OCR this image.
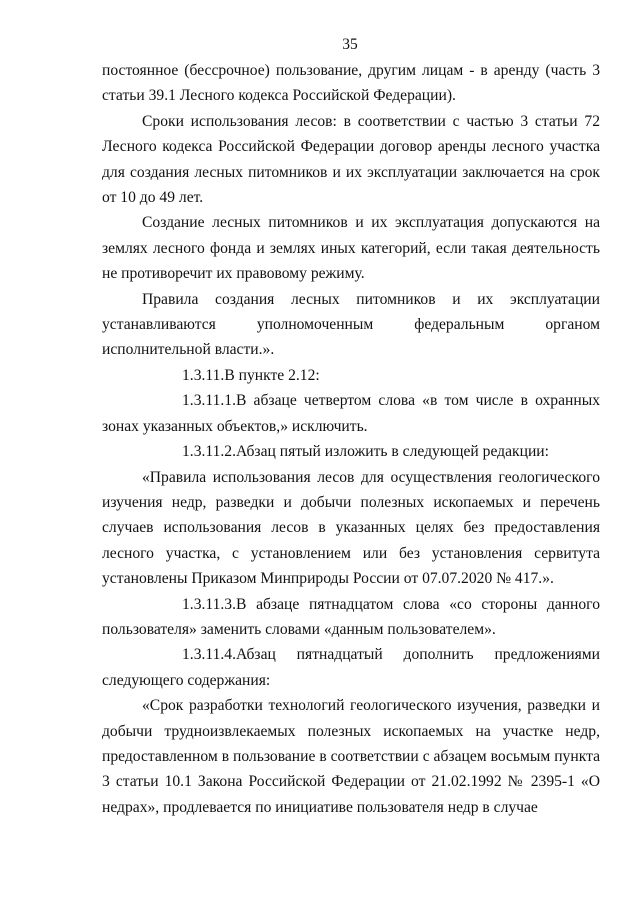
35

постоянное (бессрочное) пользование, другим лицам - в аренду (часть 3 статьи 39.1 Лесного кодекса Российской Федерации).

Сроки использования лесов: в соответствии с частью 3 статьи 72 Лесного кодекса Российской Федерации договор аренды лесного участка для создания лесных питомников и их эксплуатации заключается на срок от 10 до 49 лет.

Создание лесных питомников и их эксплуатация допускаются на землях лесного фонда и землях иных категорий, если такая деятельность не противоречит их правовому режиму.

Правила создания лесных питомников и их эксплуатации устанавливаются уполномоченным федеральным органом исполнительной власти.».

1.3.11.В пункте 2.12:

1.3.11.1.В абзаце четвертом слова «в том числе в охранных зонах указанных объектов,» исключить.

1.3.11.2.Абзац пятый изложить в следующей редакции:

«Правила использования лесов для осуществления геологического изучения недр, разведки и добычи полезных ископаемых и перечень случаев использования лесов в указанных целях без предоставления лесного участка, с установлением или без установления сервитута установлены Приказом Минприроды России от 07.07.2020 № 417.».

1.3.11.3.В абзаце пятнадцатом слова «со стороны данного пользователя» заменить словами «данным пользователем».

1.3.11.4.Абзац пятнадцатый дополнить предложениями следующего содержания:

«Срок разработки технологий геологического изучения, разведки и добычи трудноизвлекаемых полезных ископаемых на участке недр, предоставленном в пользование в соответствии с абзацем восьмым пункта 3 статьи 10.1 Закона Российской Федерации от 21.02.1992 № 2395-1 «О недрах», продлевается по инициативе пользователя недр в случае
